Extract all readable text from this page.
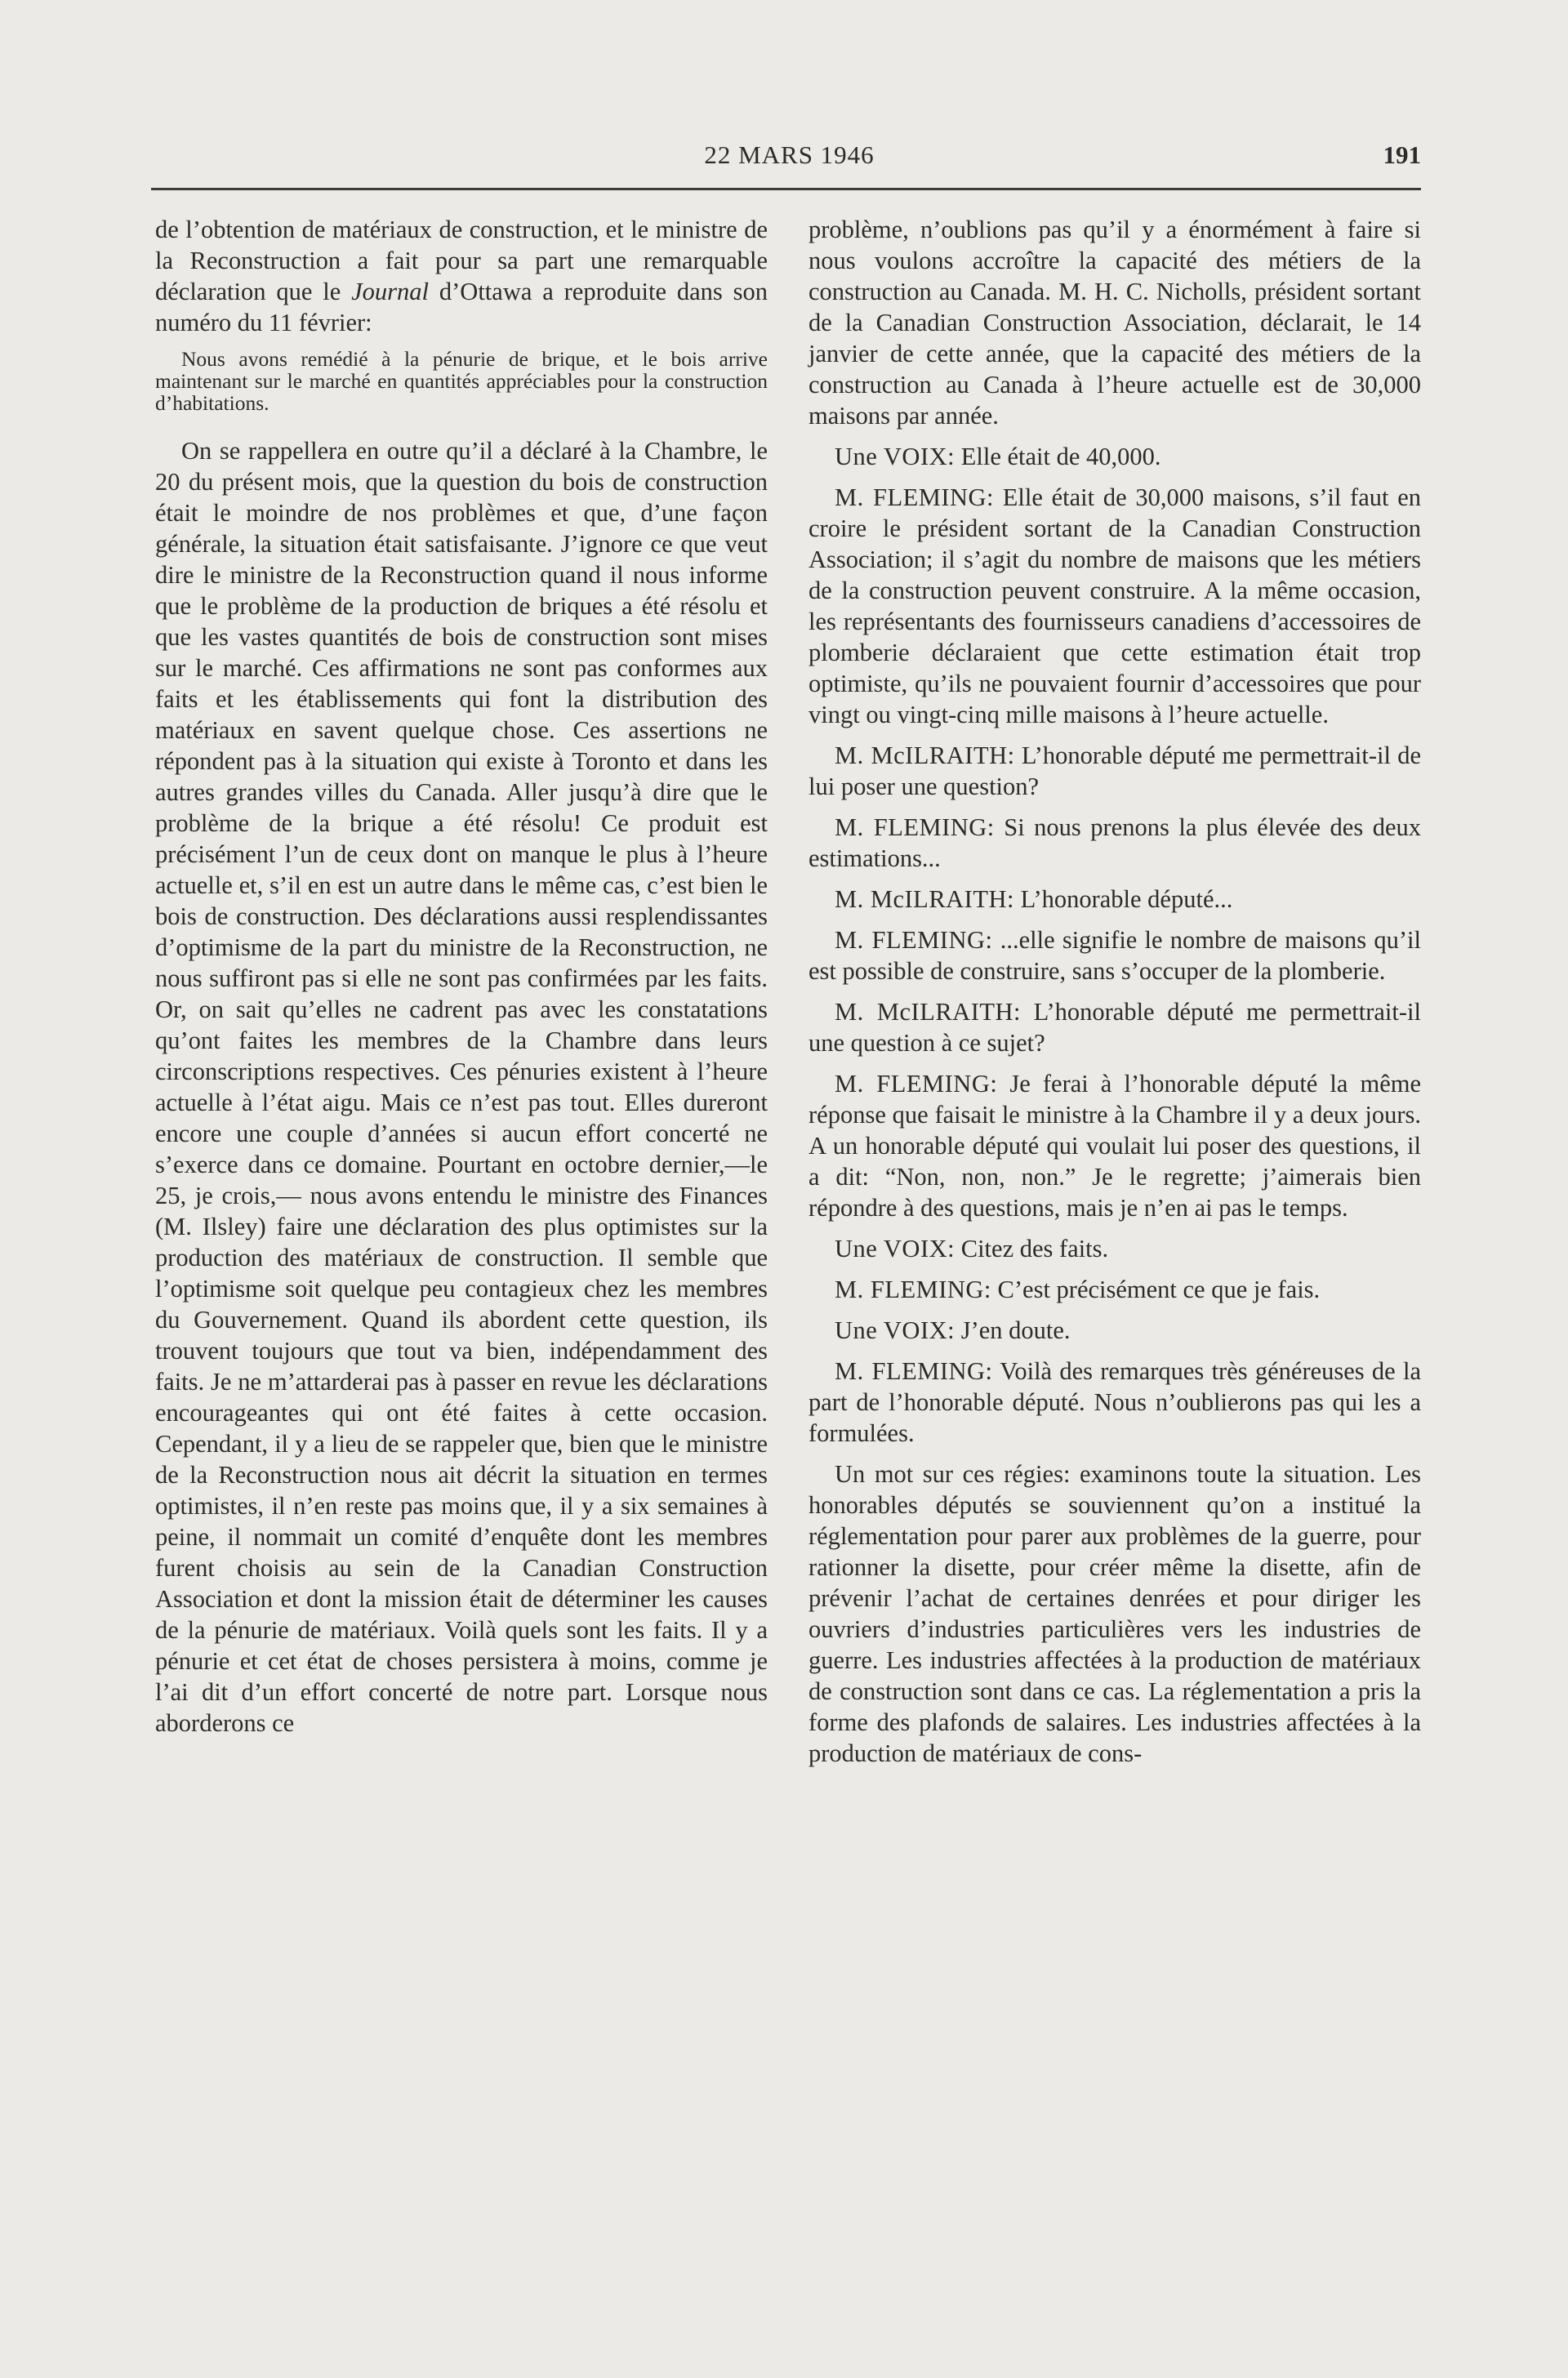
22 MARS 1946	191

de l’obtention de matériaux de construction, et le ministre de la Reconstruction a fait pour sa part une remarquable déclaration que le Journal d’Ottawa a reproduite dans son numéro du 11 février:

Nous avons remédié à la pénurie de brique, et le bois arrive maintenant sur le marché en quantités appréciables pour la construction d’habitations.

On se rappellera en outre qu’il a déclaré à la Chambre, le 20 du présent mois, que la question du bois de construction était le moindre de nos problèmes et que, d’une façon générale, la situation était satisfaisante. J’ignore ce que veut dire le ministre de la Reconstruction quand il nous informe que le problème de la production de briques a été résolu et que les vastes quantités de bois de construction sont mises sur le marché. Ces affirmations ne sont pas conformes aux faits et les établissements qui font la distribution des matériaux en savent quelque chose. Ces assertions ne répondent pas à la situation qui existe à Toronto et dans les autres grandes villes du Canada. Aller jusqu’à dire que le problème de la brique a été résolu! Ce produit est précisément l’un de ceux dont on manque le plus à l’heure actuelle et, s’il en est un autre dans le même cas, c’est bien le bois de construction. Des déclarations aussi resplendissantes d’optimisme de la part du ministre de la Reconstruction, ne nous suffiront pas si elle ne sont pas confirmées par les faits. Or, on sait qu’elles ne cadrent pas avec les constatations qu’ont faites les membres de la Chambre dans leurs circonscriptions respectives. Ces pénuries existent à l’heure actuelle à l’état aigu. Mais ce n’est pas tout. Elles dureront encore une couple d’années si aucun effort concerté ne s’exerce dans ce domaine. Pourtant en octobre dernier,—le 25, je crois,— nous avons entendu le ministre des Finances (M. Ilsley) faire une déclaration des plus optimistes sur la production des matériaux de construction. Il semble que l’optimisme soit quelque peu contagieux chez les membres du Gouvernement. Quand ils abordent cette question, ils trouvent toujours que tout va bien, indépendamment des faits. Je ne m’attarderai pas à passer en revue les déclarations encourageantes qui ont été faites à cette occasion. Cependant, il y a lieu de se rappeler que, bien que le ministre de la Reconstruction nous ait décrit la situation en termes optimistes, il n’en reste pas moins que, il y a six semaines à peine, il nommait un comité d’enquête dont les membres furent choisis au sein de la Canadian Construction Association et dont la mission était de déterminer les causes de la pénurie de matériaux. Voilà quels sont les faits. Il y a pénurie et cet état de choses persistera à moins, comme je l’ai dit d’un effort concerté de notre part. Lorsque nous aborderons ce

problème, n’oublions pas qu’il y a énormément à faire si nous voulons accroître la capacité des métiers de la construction au Canada. M. H. C. Nicholls, président sortant de la Canadian Construction Association, déclarait, le 14 janvier de cette année, que la capacité des métiers de la construction au Canada à l’heure actuelle est de 30,000 maisons par année.

Une VOIX: Elle était de 40,000.

M. FLEMING: Elle était de 30,000 maisons, s’il faut en croire le président sortant de la Canadian Construction Association; il s’agit du nombre de maisons que les métiers de la construction peuvent construire. A la même occasion, les représentants des fournisseurs canadiens d’accessoires de plomberie déclaraient que cette estimation était trop optimiste, qu’ils ne pouvaient fournir d’accessoires que pour vingt ou vingt-cinq mille maisons à l’heure actuelle.

M. McILRAITH: L’honorable député me permettrait-il de lui poser une question?

M. FLEMING: Si nous prenons la plus élevée des deux estimations...

M. McILRAITH: L’honorable député...

M. FLEMING: ...elle signifie le nombre de maisons qu’il est possible de construire, sans s’occuper de la plomberie.

M. McILRAITH: L’honorable député me permettrait-il une question à ce sujet?

M. FLEMING: Je ferai à l’honorable député la même réponse que faisait le ministre à la Chambre il y a deux jours. A un honorable député qui voulait lui poser des questions, il a dit: “Non, non, non.” Je le regrette; j’aimerais bien répondre à des questions, mais je n’en ai pas le temps.

Une VOIX: Citez des faits.

M. FLEMING: C’est précisément ce que je fais.

Une VOIX: J’en doute.

M. FLEMING: Voilà des remarques très généreuses de la part de l’honorable député. Nous n’oublierons pas qui les a formulées.

Un mot sur ces régies: examinons toute la situation. Les honorables députés se souviennent qu’on a institué la réglementation pour parer aux problèmes de la guerre, pour rationner la disette, pour créer même la disette, afin de prévenir l’achat de certaines denrées et pour diriger les ouvriers d’industries particulières vers les industries de guerre. Les industries affectées à la production de matériaux de construction sont dans ce cas. La réglementation a pris la forme des plafonds de salaires. Les industries affectées à la production de matériaux de cons-
